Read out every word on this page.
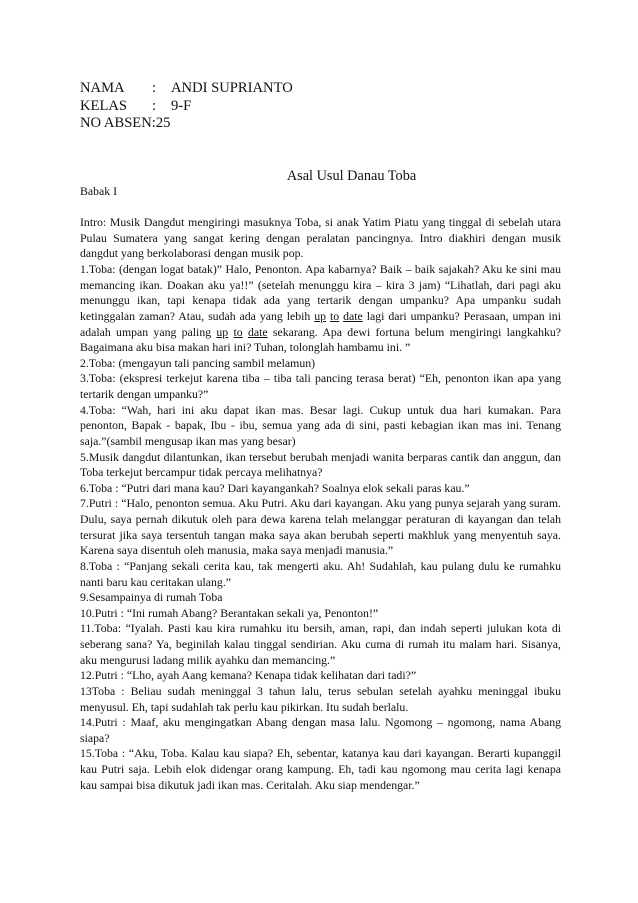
NAMA	:	ANDI SUPRIANTO
KELAS	:	9-F
NO ABSEN: 25
Asal Usul Danau Toba

Babak I

Intro: Musik Dangdut mengiringi masuknya Toba, si anak Yatim Piatu yang tinggal di sebelah utara Pulau Sumatera yang sangat kering dengan peralatan pancingnya. Intro diakhiri dengan musik dangdut yang berkolaborasi dengan musik pop.

1.Toba: (dengan logat batak)” Halo, Penonton. Apa kabarnya? Baik – baik sajakah? Aku ke sini mau memancing ikan. Doakan aku ya!!” (setelah menunggu kira – kira 3 jam) “Lihatlah, dari pagi aku menunggu ikan, tapi kenapa tidak ada yang tertarik dengan umpanku? Apa umpanku sudah ketinggalan zaman? Atau, sudah ada yang lebih up to date lagi dari umpanku? Perasaan, umpan ini adalah umpan yang paling up to date sekarang. Apa dewi fortuna belum mengiringi langkahku? Bagaimana aku bisa makan hari ini? Tuhan, tolonglah hambamu ini. ”

2.Toba: (mengayun tali pancing sambil melamun)

3.Toba: (ekspresi terkejut karena tiba – tiba tali pancing terasa berat) “Eh, penonton ikan apa yang tertarik dengan umpanku?”

4.Toba: “Wah, hari ini aku dapat ikan mas. Besar lagi. Cukup untuk dua hari kumakan. Para penonton, Bapak - bapak, Ibu - ibu, semua yang ada di sini, pasti kebagian ikan mas ini. Tenang saja.”(sambil mengusap ikan mas yang besar)

5.Musik dangdut dilantunkan, ikan tersebut berubah menjadi wanita berparas cantik dan anggun, dan Toba terkejut bercampur tidak percaya melihatnya?

6.Toba : “Putri dari mana kau? Dari kayangankah? Soalnya elok sekali paras kau.”

7.Putri : “Halo, penonton semua. Aku Putri. Aku dari kayangan. Aku yang punya sejarah yang suram. Dulu, saya pernah dikutuk oleh para dewa karena telah melanggar peraturan di kayangan dan telah tersurat jika saya tersentuh tangan maka saya akan berubah seperti makhluk yang menyentuh saya. Karena saya disentuh oleh manusia, maka saya menjadi manusia.”

8.Toba : “Panjang sekali cerita kau, tak mengerti aku. Ah! Sudahlah, kau pulang dulu ke rumahku nanti baru kau ceritakan ulang.”

9.Sesampainya di rumah Toba

10.Putri : “Ini rumah Abang? Berantakan sekali ya, Penonton!”

11.Toba: “Iyalah. Pasti kau kira rumahku itu bersih, aman, rapi, dan indah seperti julukan kota di seberang sana? Ya, beginilah kalau tinggal sendirian. Aku cuma di rumah itu malam hari. Sisanya, aku mengurusi ladang milik ayahku dan memancing.”

12.Putri : “Lho, ayah Aang kemana? Kenapa tidak kelihatan dari tadi?”

13Toba : Beliau sudah meninggal 3 tahun lalu, terus sebulan setelah ayahku meninggal ibuku menyusul. Eh, tapi sudahlah tak perlu kau pikirkan. Itu sudah berlalu.

14.Putri : Maaf, aku mengingatkan Abang dengan masa lalu. Ngomong – ngomong, nama Abang siapa?

15.Toba : “Aku, Toba. Kalau kau siapa? Eh, sebentar, katanya kau dari kayangan. Berarti kupanggil kau Putri saja. Lebih elok didengar orang kampung. Eh, tadi kau ngomong mau cerita lagi kenapa kau sampai bisa dikutuk jadi ikan mas. Ceritalah. Aku siap mendengar.”
